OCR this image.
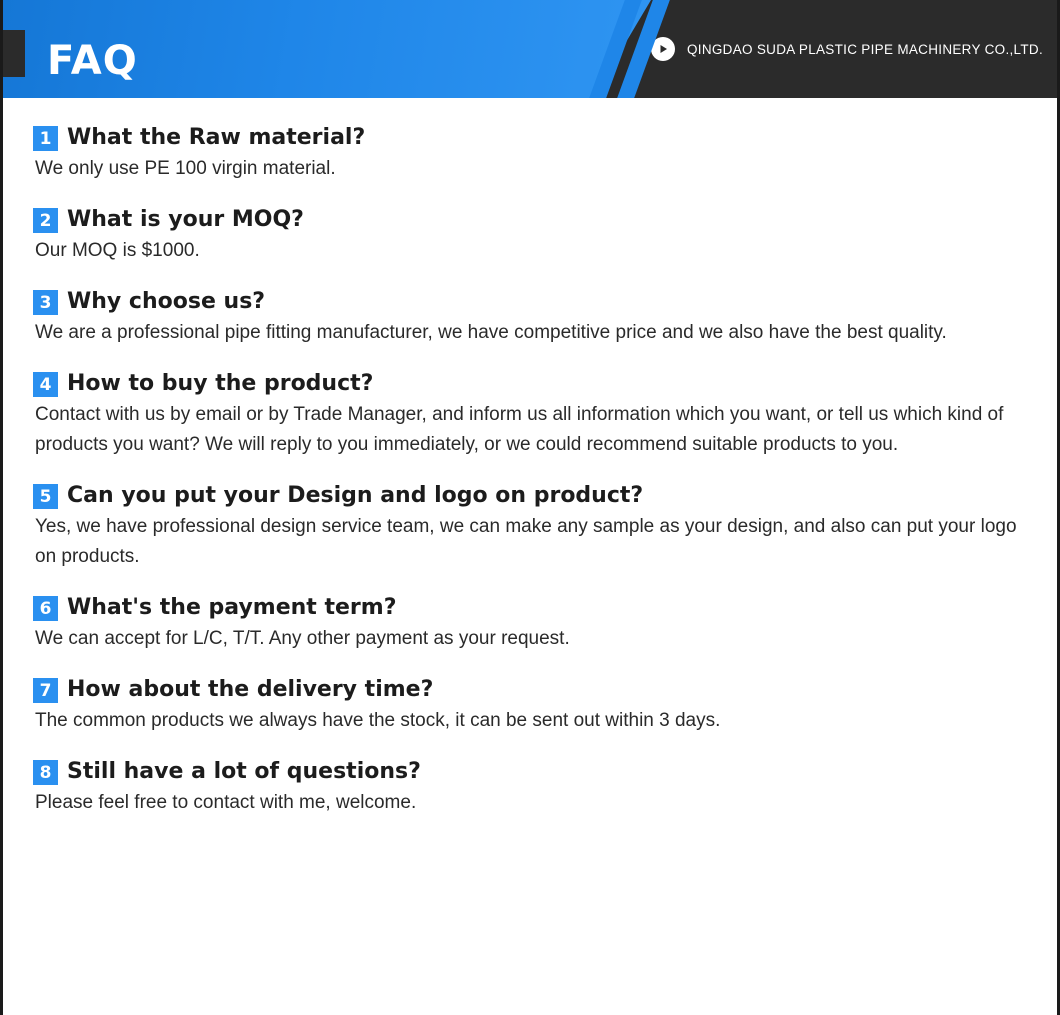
FAQ	QINGDAO SUDA PLASTIC PIPE MACHINERY CO.,LTD.
1 What the Raw material?
We only use PE 100 virgin material.
2 What is your MOQ?
Our MOQ is $1000.
3 Why choose us?
We are a professional pipe fitting manufacturer, we have competitive price and we also have the best quality.
4 How to buy the product?
Contact with us by email or by Trade Manager, and inform us all information which you want, or tell us which kind of products you want? We will reply to you immediately, or we could recommend suitable products to you.
5 Can you put your Design and logo on product?
Yes, we have professional design service team, we can make any sample as your design, and also can put your logo on products.
6 What's the payment term?
We can accept for L/C, T/T. Any other payment as your request.
7 How about the delivery time?
The common products we always have the stock, it can be sent out within 3 days.
8 Still have a lot of questions?
Please feel free to contact with me, welcome.
